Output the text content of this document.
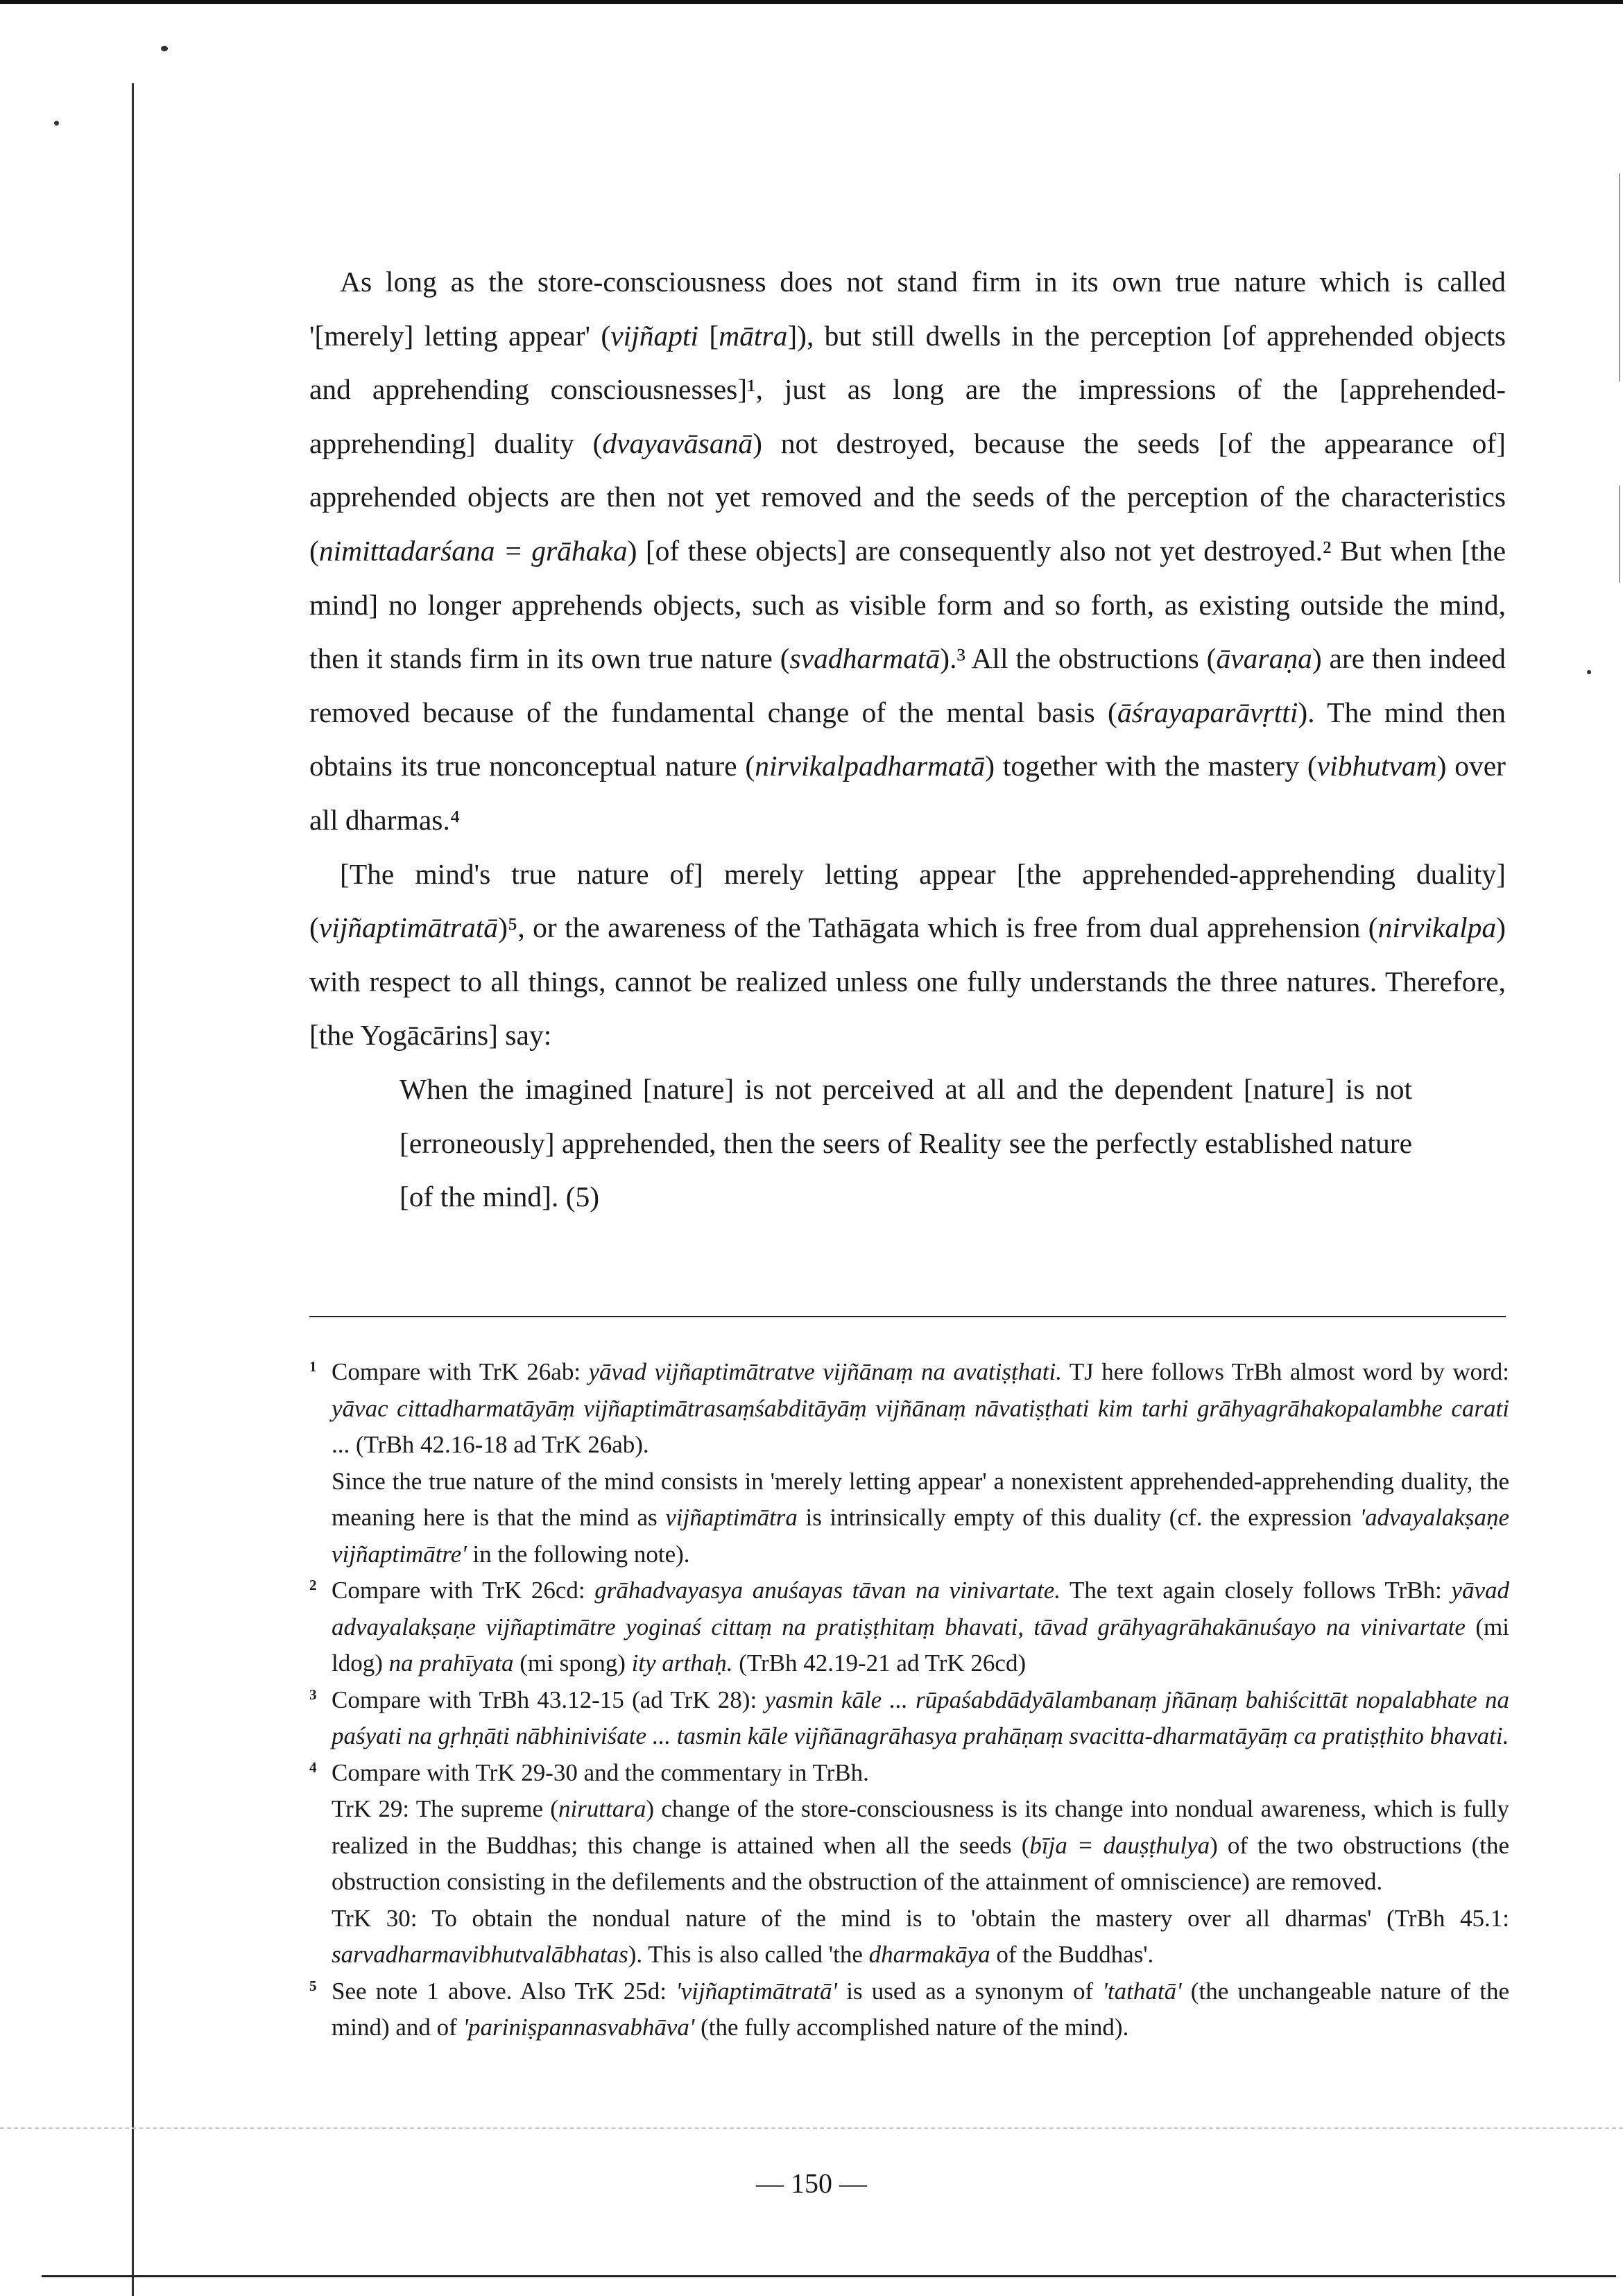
As long as the store-consciousness does not stand firm in its own true nature which is called '[merely] letting appear' (vijñapti [mātra]), but still dwells in the perception [of apprehended objects and apprehending consciousnesses]¹, just as long are the impressions of the [apprehended-apprehending] duality (dvayavāsanā) not destroyed, because the seeds [of the appearance of] apprehended objects are then not yet removed and the seeds of the perception of the characteristics (nimittadarśana = grāhaka) [of these objects] are consequently also not yet destroyed.² But when [the mind] no longer apprehends objects, such as visible form and so forth, as existing outside the mind, then it stands firm in its own true nature (svadharmatā).³ All the obstructions (āvaraṇa) are then indeed removed because of the fundamental change of the mental basis (āśrayaparāvṛtti). The mind then obtains its true nonconceptual nature (nirvikalpadharmatā) together with the mastery (vibhutvam) over all dharmas.⁴

[The mind's true nature of] merely letting appear [the apprehended-apprehending duality] (vijñaptimātratā)⁵, or the awareness of the Tathāgata which is free from dual apprehension (nirvikalpa) with respect to all things, cannot be realized unless one fully understands the three natures. Therefore, [the Yogācārins] say:

When the imagined [nature] is not perceived at all and the dependent [nature] is not [erroneously] apprehended, then the seers of Reality see the perfectly established nature [of the mind]. (5)

1 Compare with TrK 26ab: yāvad vijñaptimātratve vijñānaṃ na avatiṣṭhati. TJ here follows TrBh almost word by word: yāvac cittadharmatāyāṃ vijñaptimātrasaṃśabditāyāṃ vijñānaṃ nāvatiṣṭhati kim tarhi grāhyagrāhakopalambhe carati ... (TrBh 42.16-18 ad TrK 26ab).

Since the true nature of the mind consists in 'merely letting appear' a nonexistent apprehended-apprehending duality, the meaning here is that the mind as vijñaptimātra is intrinsically empty of this duality (cf. the expression 'advayalakṣaṇe vijñaptimātre' in the following note).

2 Compare with TrK 26cd: grāhadvayasya anuśayas tāvan na vinivartate. The text again closely follows TrBh: yāvad advayalakṣaṇe vijñaptimātre yoginaś cittaṃ na pratiṣṭhitaṃ bhavati, tāvad grāhyagrāhakānuśayo na vinivartate (mi ldog) na prahīyata (mi spong) ity arthaḥ. (TrBh 42.19-21 ad TrK 26cd)

3 Compare with TrBh 43.12-15 (ad TrK 28): yasmin kāle ... rūpaśabdādyālambanaṃ jñānaṃ bahiścittāt nopalabhate na paśyati na gṛhṇāti nābhiniviśate ... tasmin kāle vijñānagrāhasya prahāṇaṃ svacitta-dharmatāyāṃ ca pratiṣṭhito bhavati.

4 Compare with TrK 29-30 and the commentary in TrBh.

TrK 29: The supreme (niruttara) change of the store-consciousness is its change into nondual awareness, which is fully realized in the Buddhas; this change is attained when all the seeds (bīja = dauṣṭhulya) of the two obstructions (the obstruction consisting in the defilements and the obstruction of the attainment of omniscience) are removed.

TrK 30: To obtain the nondual nature of the mind is to 'obtain the mastery over all dharmas' (TrBh 45.1: sarvadharmavibhutvalābhatas). This is also called 'the dharmakāya of the Buddhas'.

5 See note 1 above. Also TrK 25d: 'vijñaptimātratā' is used as a synonym of 'tathatā' (the unchangeable nature of the mind) and of 'pariniṣpannasvabhāva' (the fully accomplished nature of the mind).

— 150 —
